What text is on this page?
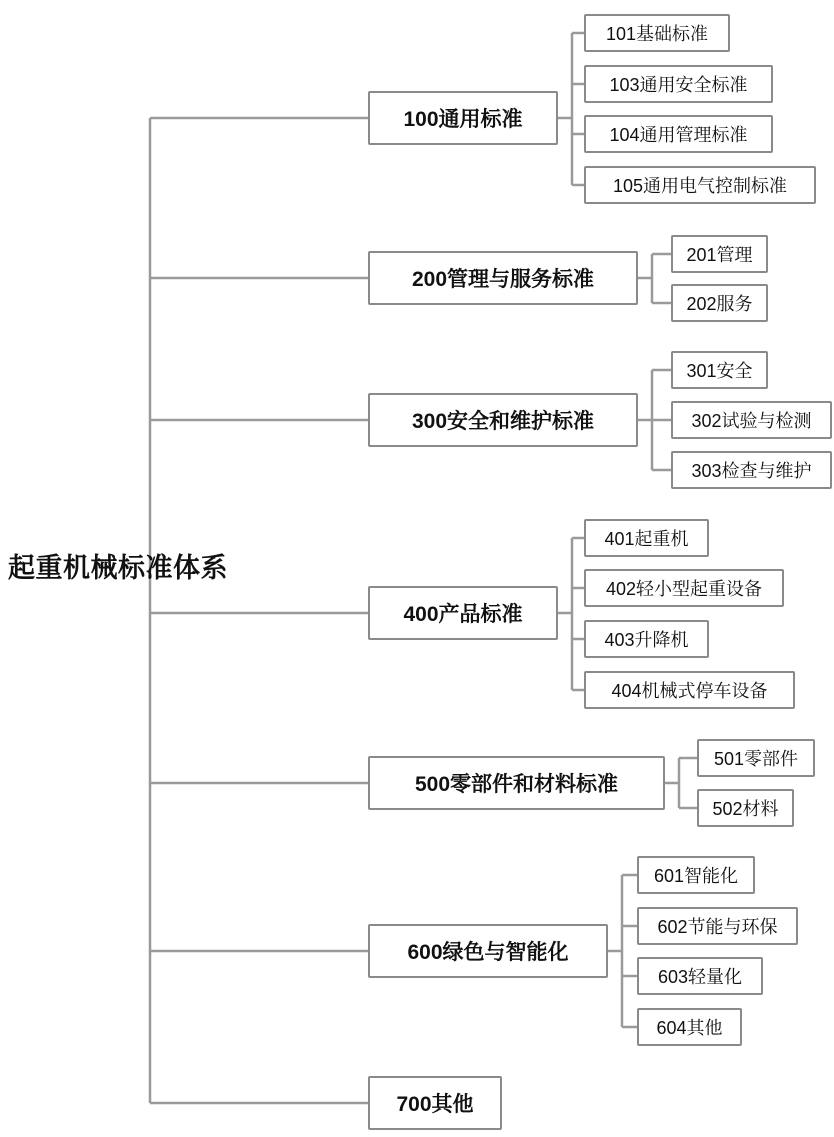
起重机械标准体系
100通用标准
200管理与服务标准
300安全和维护标准
400产品标准
500零部件和材料标准
600绿色与智能化
700其他
101基础标准
103通用安全标准
104通用管理标准
105通用电气控制标准
201管理
202服务
301安全
302试验与检测
303检查与维护
401起重机
402轻小型起重设备
403升降机
404机械式停车设备
501零部件
502材料
601智能化
602节能与环保
603轻量化
604其他
